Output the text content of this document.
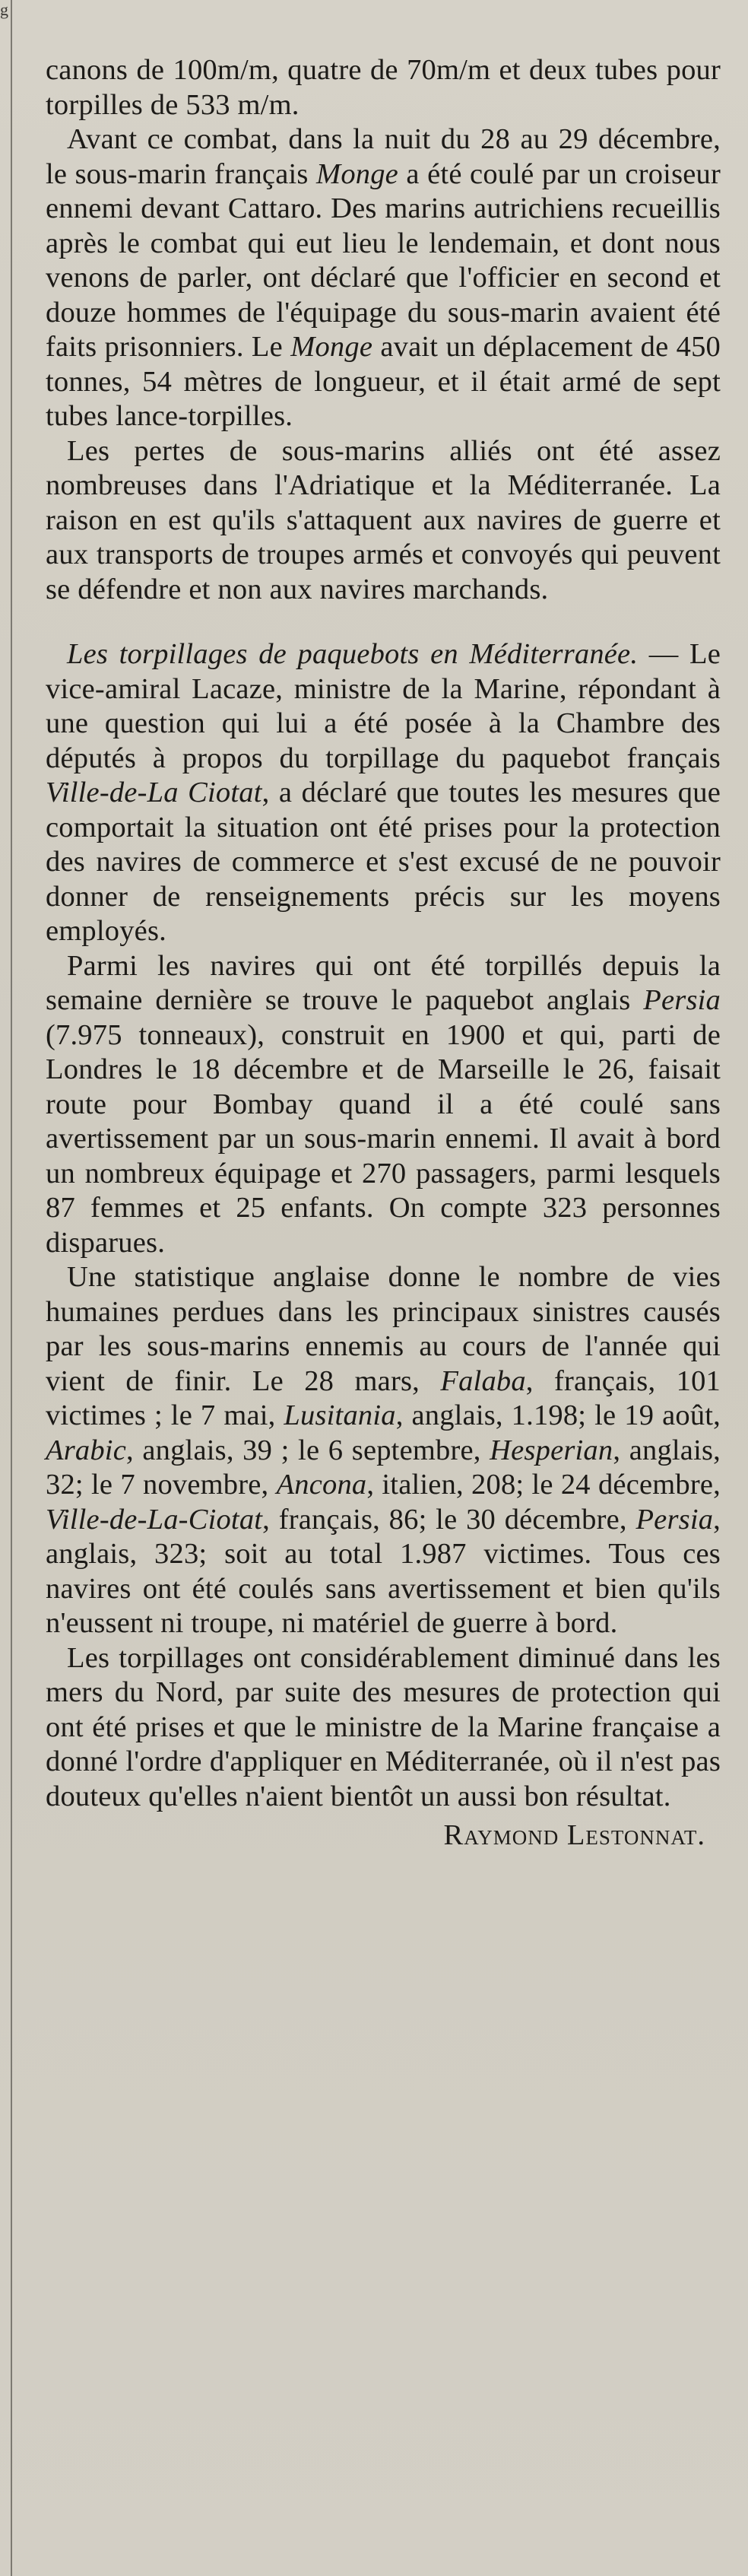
g

canons de 100m/m, quatre de 70m/m et deux tubes pour torpilles de 533 m/m.

Avant ce combat, dans la nuit du 28 au 29 décembre, le sous-marin français Monge a été coulé par un croiseur ennemi devant Cattaro. Des marins autrichiens recueillis après le combat qui eut lieu le lendemain, et dont nous venons de parler, ont déclaré que l'officier en second et douze hommes de l'équipage du sous-marin avaient été faits prisonniers. Le Monge avait un déplacement de 450 tonnes, 54 mètres de longueur, et il était armé de sept tubes lance-torpilles.

Les pertes de sous-marins alliés ont été assez nombreuses dans l'Adriatique et la Méditerranée. La raison en est qu'ils s'attaquent aux navires de guerre et aux transports de troupes armés et convoyés qui peuvent se défendre et non aux navires marchands.

Les torpillages de paquebots en Méditerranée. — Le vice-amiral Lacaze, ministre de la Marine, répondant à une question qui lui a été posée à la Chambre des députés à propos du torpillage du paquebot français Ville-de-La Ciotat, a déclaré que toutes les mesures que comportait la situation ont été prises pour la protection des navires de commerce et s'est excusé de ne pouvoir donner de renseignements précis sur les moyens employés.

Parmi les navires qui ont été torpillés depuis la semaine dernière se trouve le paquebot anglais Persia (7.975 tonneaux), construit en 1900 et qui, parti de Londres le 18 décembre et de Marseille le 26, faisait route pour Bombay quand il a été coulé sans avertissement par un sous-marin ennemi. Il avait à bord un nombreux équipage et 270 passagers, parmi lesquels 87 femmes et 25 enfants. On compte 323 personnes disparues.

Une statistique anglaise donne le nombre de vies humaines perdues dans les principaux sinistres causés par les sous-marins ennemis au cours de l'année qui vient de finir. Le 28 mars, Falaba, français, 101 victimes ; le 7 mai, Lusitania, anglais, 1.198; le 19 août, Arabic, anglais, 39 ; le 6 septembre, Hesperian, anglais, 32; le 7 novembre, Ancona, italien, 208; le 24 décembre, Ville-de-La-Ciotat, français, 86; le 30 décembre, Persia, anglais, 323; soit au total 1.987 victimes. Tous ces navires ont été coulés sans avertissement et bien qu'ils n'eussent ni troupe, ni matériel de guerre à bord.

Les torpillages ont considérablement diminué dans les mers du Nord, par suite des mesures de protection qui ont été prises et que le ministre de la Marine française a donné l'ordre d'appliquer en Méditerranée, où il n'est pas douteux qu'elles n'aient bientôt un aussi bon résultat.

Raymond Lestonnat.
